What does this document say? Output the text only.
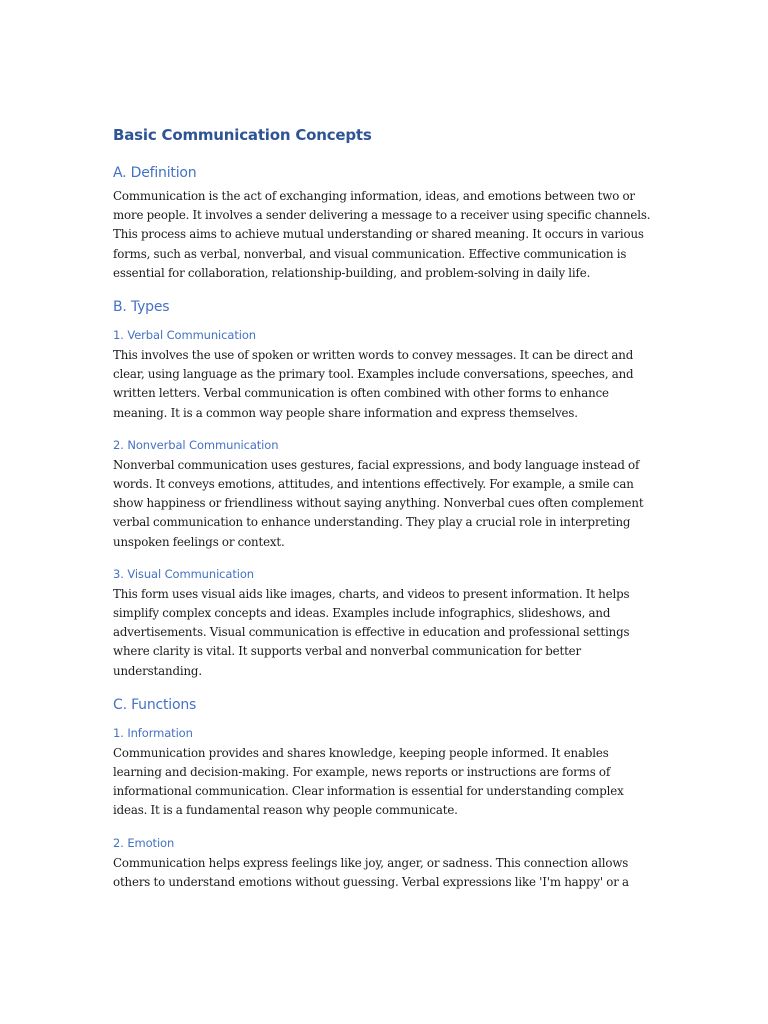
Basic Communication Concepts
A. Definition

Communication is the act of exchanging information, ideas, and emotions between two or more people. It involves a sender delivering a message to a receiver using specific channels. This process aims to achieve mutual understanding or shared meaning. It occurs in various forms, such as verbal, nonverbal, and visual communication. Effective communication is essential for collaboration, relationship-building, and problem-solving in daily life.

B. Types
1. Verbal Communication

This involves the use of spoken or written words to convey messages. It can be direct and clear, using language as the primary tool. Examples include conversations, speeches, and written letters. Verbal communication is often combined with other forms to enhance meaning. It is a common way people share information and express themselves.

2. Nonverbal Communication

Nonverbal communication uses gestures, facial expressions, and body language instead of words. It conveys emotions, attitudes, and intentions effectively. For example, a smile can show happiness or friendliness without saying anything. Nonverbal cues often complement verbal communication to enhance understanding. They play a crucial role in interpreting unspoken feelings or context.

3. Visual Communication

This form uses visual aids like images, charts, and videos to present information. It helps simplify complex concepts and ideas. Examples include infographics, slideshows, and advertisements. Visual communication is effective in education and professional settings where clarity is vital. It supports verbal and nonverbal communication for better understanding.

C. Functions
1. Information

Communication provides and shares knowledge, keeping people informed. It enables learning and decision-making. For example, news reports or instructions are forms of informational communication. Clear information is essential for understanding complex ideas. It is a fundamental reason why people communicate.

2. Emotion

Communication helps express feelings like joy, anger, or sadness. This connection allows others to understand emotions without guessing. Verbal expressions like 'I'm happy' or a
